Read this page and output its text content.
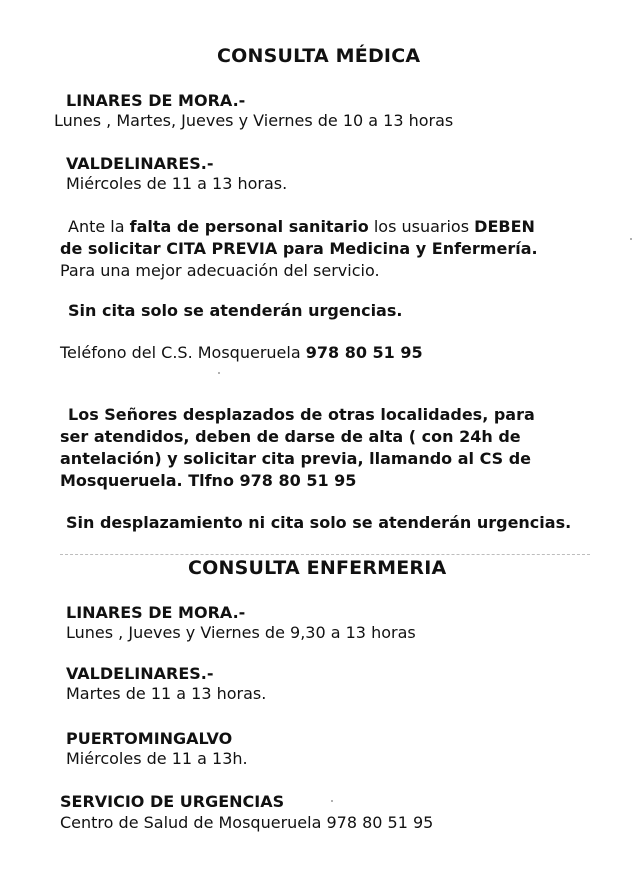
CONSULTA MÉDICA
LINARES DE MORA.-
Lunes , Martes, Jueves y Viernes de 10 a 13 horas
VALDELINARES.-
Miércoles de 11 a 13 horas.
Ante la falta de personal sanitario los usuarios DEBEN
de solicitar CITA PREVIA para Medicina y Enfermería.
Para una mejor adecuación del servicio.
Sin cita solo se atenderán urgencias.
Teléfono del C.S. Mosqueruela 978 80 51 95
Los Señores desplazados de otras localidades, para
ser atendidos, deben de darse de alta ( con 24h de
antelación) y solicitar cita previa, llamando al CS de
Mosqueruela. Tlfno 978 80 51 95
Sin desplazamiento ni cita solo se atenderán urgencias.
CONSULTA ENFERMERIA
LINARES DE MORA.-
Lunes , Jueves y Viernes de 9,30 a 13 horas
VALDELINARES.-
Martes de 11 a 13 horas.
PUERTOMINGALVO
Miércoles de 11 a 13h.
SERVICIO DE URGENCIAS
Centro de Salud de Mosqueruela 978 80 51 95
